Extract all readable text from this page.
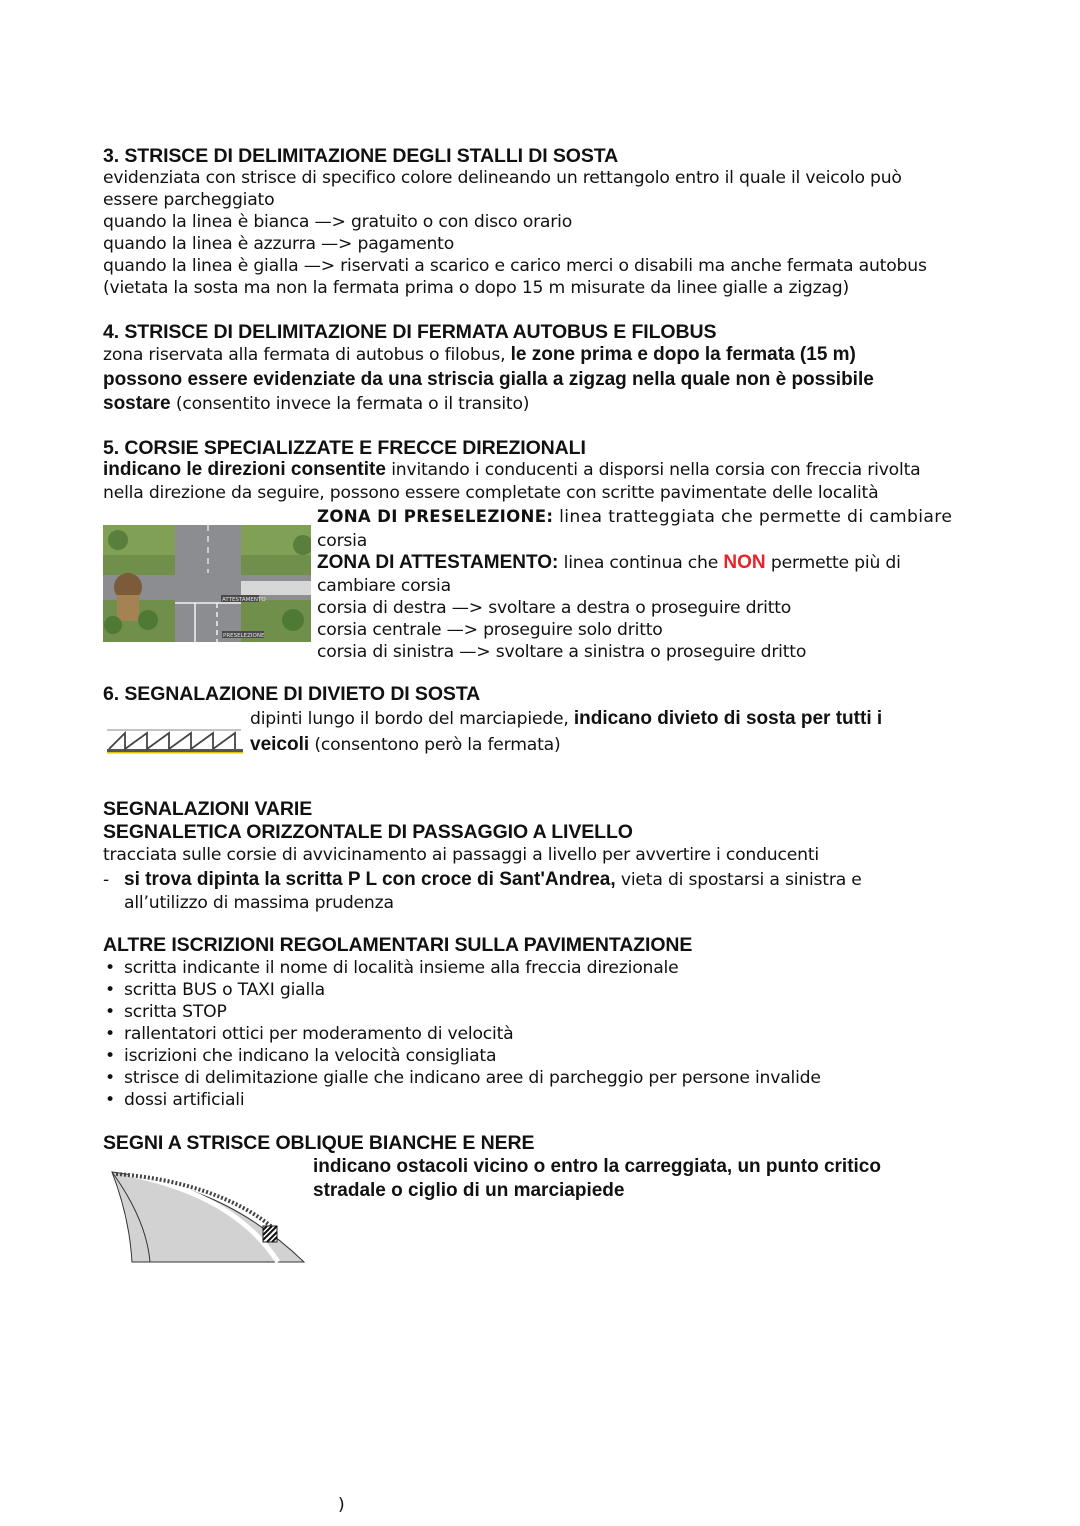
3. STRISCE DI DELIMITAZIONE DEGLI STALLI DI SOSTA
evidenziata con strisce di specifico colore delineando un rettangolo entro il quale il veicolo può
essere parcheggiato
quando la linea è bianca —> gratuito o con disco orario
quando la linea è azzurra —> pagamento
quando la linea è gialla —> riservati a scarico e carico merci o disabili ma anche fermata autobus
(vietata la sosta ma non la fermata prima o dopo 15 m misurate da linee gialle a zigzag)
4. STRISCE DI DELIMITAZIONE DI FERMATA AUTOBUS E FILOBUS
zona riservata alla fermata di autobus o filobus, le zone prima e dopo la fermata (15 m)
possono essere evidenziate da una striscia gialla a zigzag nella quale non è possibile
sostare (consentito invece la fermata o il transito)
5. CORSIE SPECIALIZZATE E FRECCE DIREZIONALI
indicano le direzioni consentite invitando i conducenti a disporsi nella corsia con freccia rivolta
nella direzione da seguire, possono essere completate con scritte pavimentate delle località
ATTESTAMENTO
PRESELEZIONE
ZONA DI PRESELEZIONE: linea tratteggiata che permette di cambiare
corsia
ZONA DI ATTESTAMENTO: linea continua che NON permette più di
cambiare corsia
corsia di destra —> svoltare a destra o proseguire dritto
corsia centrale —> proseguire solo dritto
corsia di sinistra —> svoltare a sinistra o proseguire dritto
6. SEGNALAZIONE DI DIVIETO DI SOSTA
dipinti lungo il bordo del marciapiede, indicano divieto di sosta per tutti i
veicoli (consentono però la fermata)
SEGNALAZIONI VARIE
SEGNALETICA ORIZZONTALE DI PASSAGGIO A LIVELLO
tracciata sulle corsie di avvicinamento ai passaggi a livello per avvertire i conducenti
- si trova dipinta la scritta P L con croce di Sant'Andrea, vieta di spostarsi a sinistra e
all’utilizzo di massima prudenza
ALTRE ISCRIZIONI REGOLAMENTARI SULLA PAVIMENTAZIONE
• scritta indicante il nome di località insieme alla freccia direzionale
• scritta BUS o TAXI gialla
• scritta STOP
• rallentatori ottici per moderamento di velocità
• iscrizioni che indicano la velocità consigliata
• strisce di delimitazione gialle che indicano aree di parcheggio per persone invalide
• dossi artificiali
SEGNI A STRISCE OBLIQUE BIANCHE E NERE
indicano ostacoli vicino o entro la carreggiata, un punto critico
stradale o ciglio di un marciapiede
)
